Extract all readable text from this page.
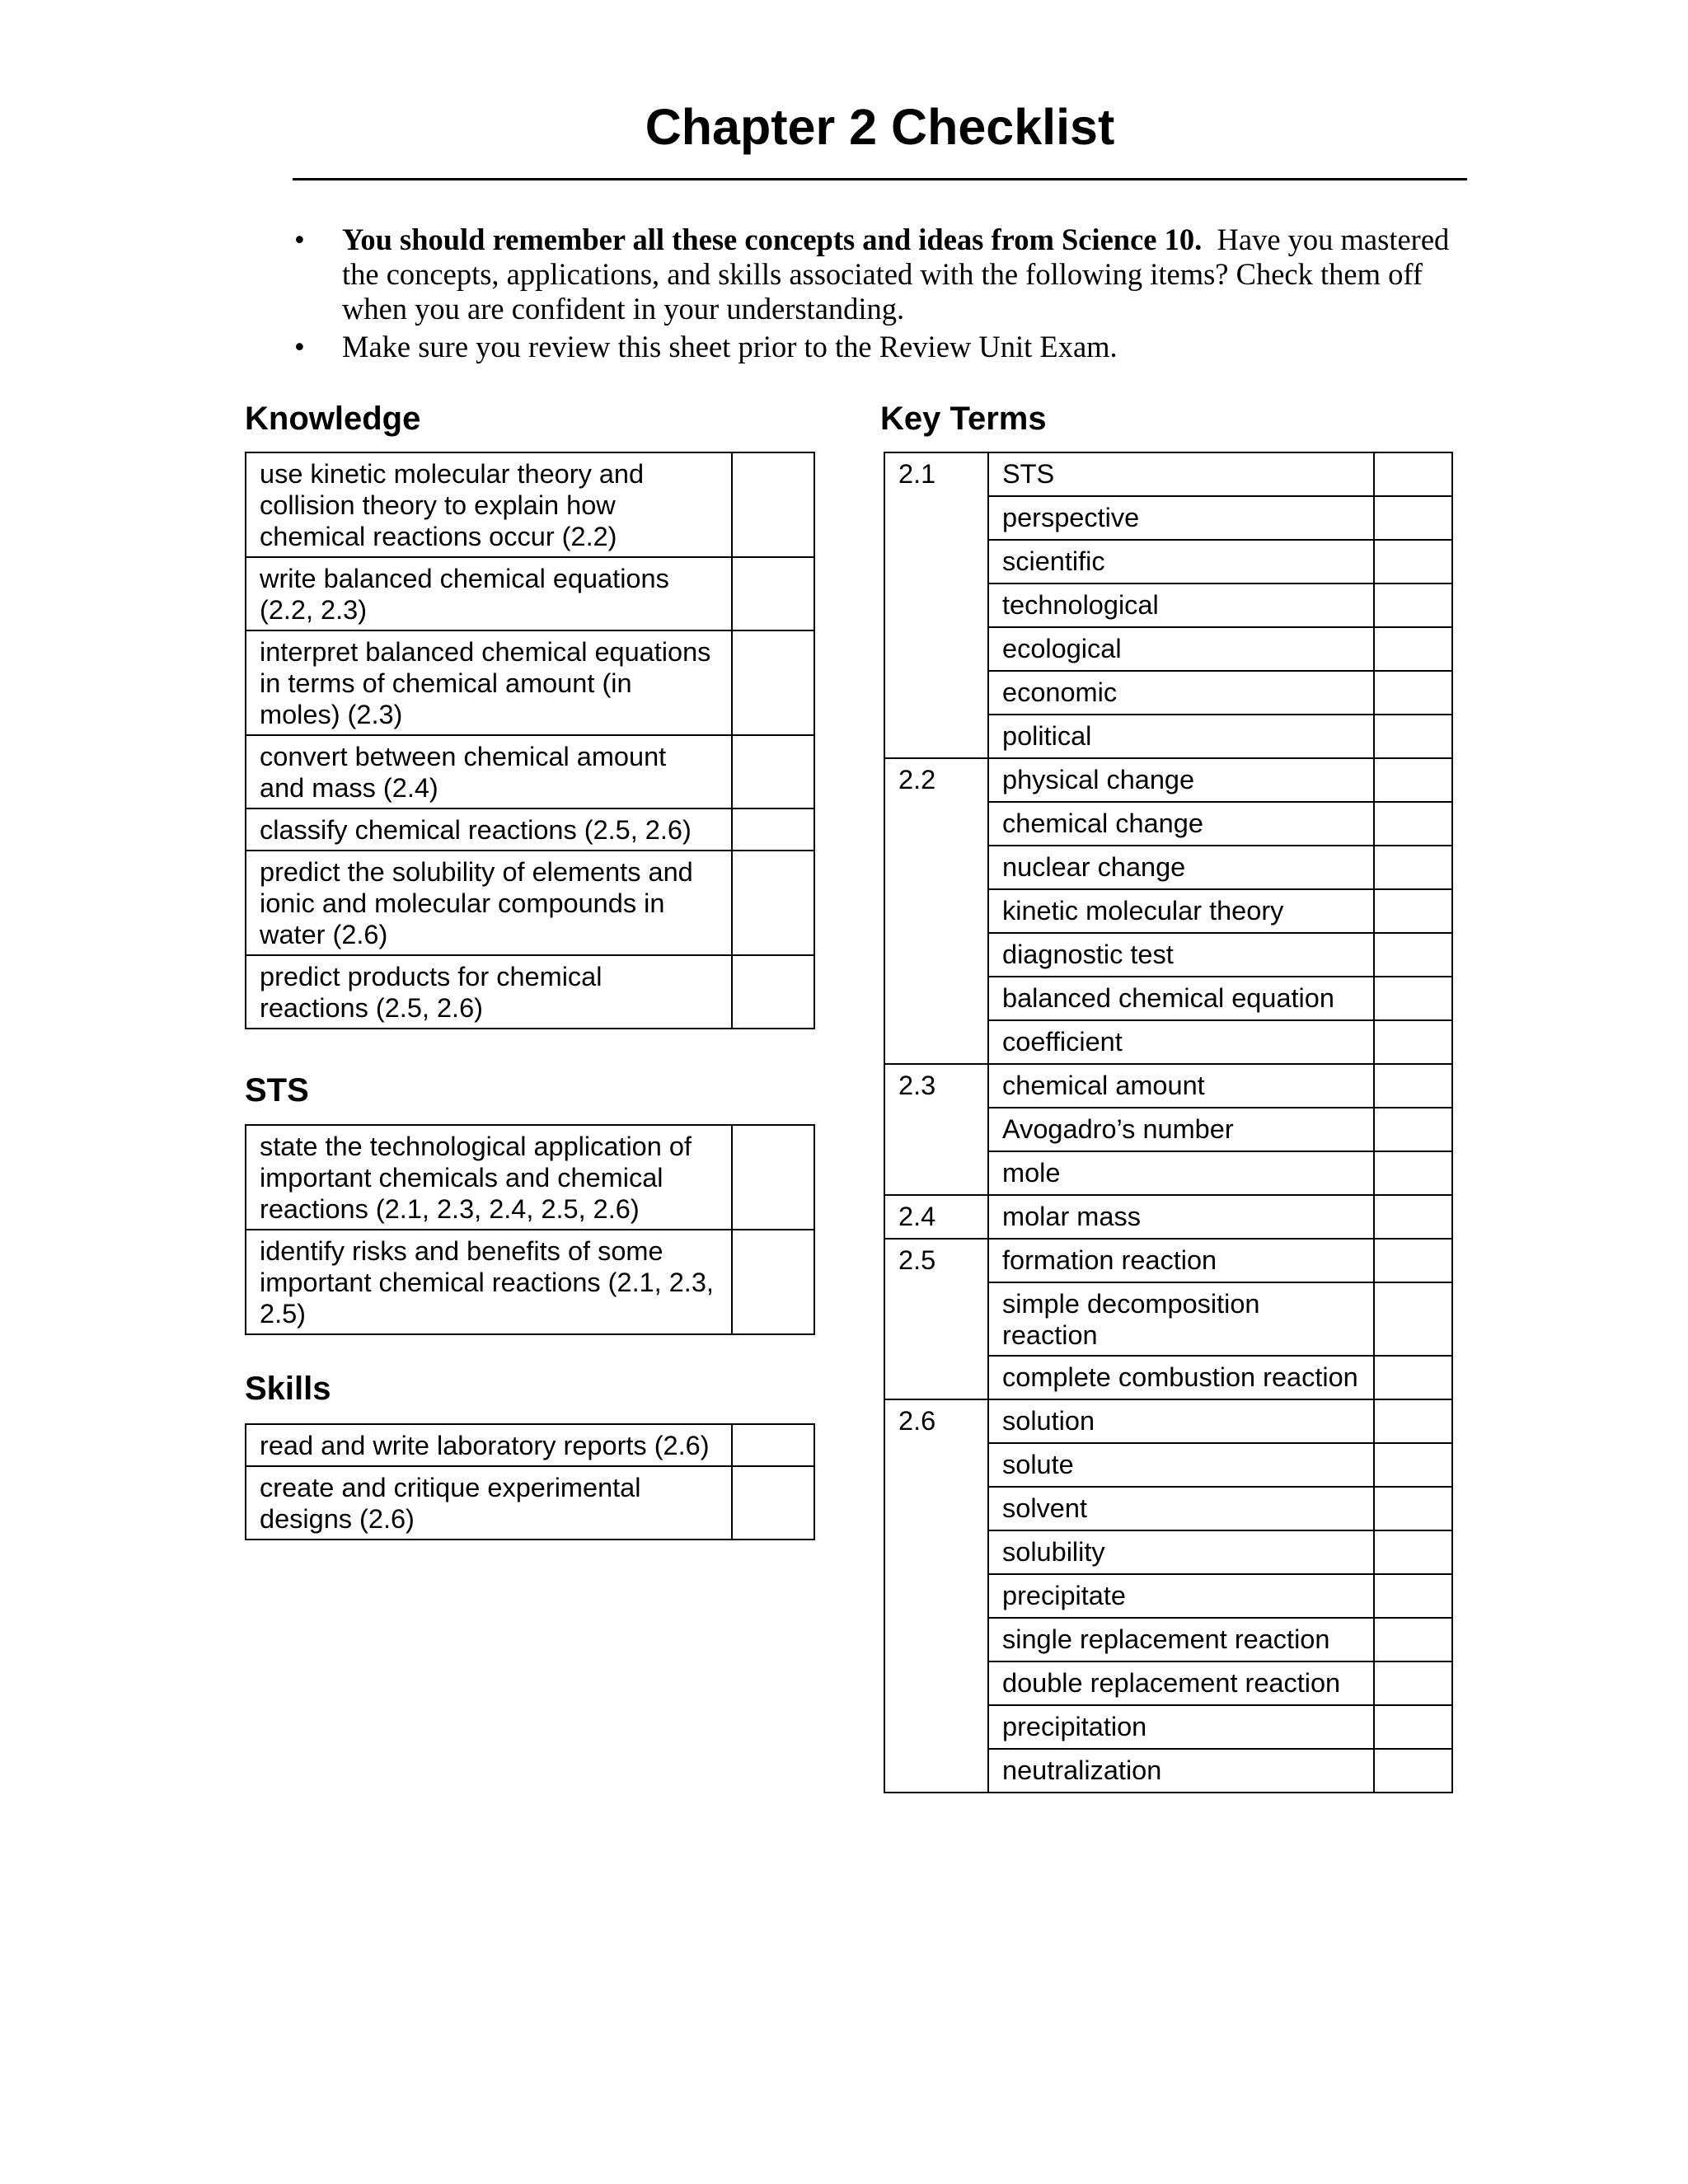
Chapter 2 Checklist
• You should remember all these concepts and ideas from Science 10. Have you mastered the concepts, applications, and skills associated with the following items? Check them off when you are confident in your understanding.
• Make sure you review this sheet prior to the Review Unit Exam.
Knowledge
use kinetic molecular theory and collision theory to explain how chemical reactions occur (2.2)	
write balanced chemical equations (2.2, 2.3)	
interpret balanced chemical equations in terms of chemical amount (in moles) (2.3)	
convert between chemical amount and mass (2.4)	
classify chemical reactions (2.5, 2.6)	
predict the solubility of elements and ionic and molecular compounds in water (2.6)	
predict products for chemical reactions (2.5, 2.6)	
STS
state the technological application of important chemicals and chemical reactions (2.1, 2.3, 2.4, 2.5, 2.6)	
identify risks and benefits of some important chemical reactions (2.1, 2.3, 2.5)	
Skills
read and write laboratory reports (2.6)	
create and critique experimental designs (2.6)	
Key Terms
2.1	STS	
	perspective	
	scientific	
	technological	
	ecological	
	economic	
	political	
2.2	physical change	
	chemical change	
	nuclear change	
	kinetic molecular theory	
	diagnostic test	
	balanced chemical equation	
	coefficient	
2.3	chemical amount	
	Avogadro’s number	
	mole	
2.4	molar mass	
2.5	formation reaction	
	simple decomposition reaction	
	complete combustion reaction	
2.6	solution	
	solute	
	solvent	
	solubility	
	precipitate	
	single replacement reaction	
	double replacement reaction	
	precipitation	
	neutralization	
